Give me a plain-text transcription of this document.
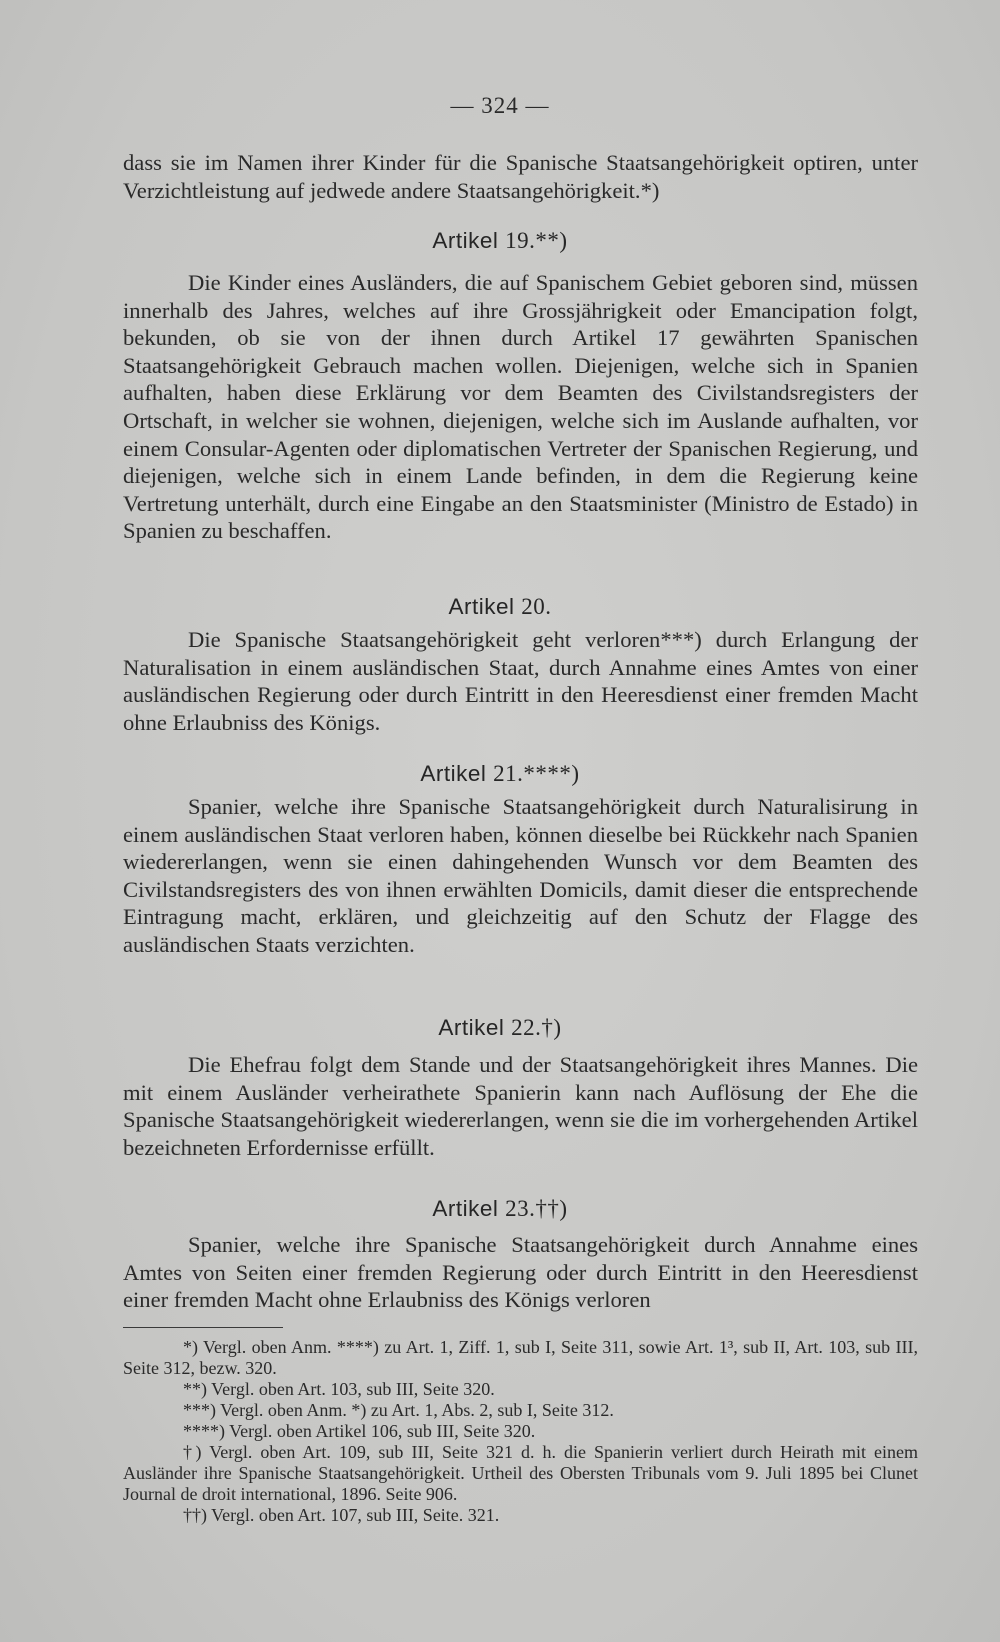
— 324 —

dass sie im Namen ihrer Kinder für die Spanische Staatsangehörigkeit optiren, unter Verzichtleistung auf jedwede andere Staatsangehörigkeit.*)

Artikel 19.**)

Die Kinder eines Ausländers, die auf Spanischem Gebiet geboren sind, müssen innerhalb des Jahres, welches auf ihre Grossjährigkeit oder Emancipation folgt, bekunden, ob sie von der ihnen durch Artikel 17 gewährten Spanischen Staatsangehörigkeit Gebrauch machen wollen. Diejenigen, welche sich in Spanien aufhalten, haben diese Erklärung vor dem Beamten des Civilstandsregisters der Ortschaft, in welcher sie wohnen, diejenigen, welche sich im Auslande aufhalten, vor einem Consular-Agenten oder diplomatischen Vertreter der Spanischen Regierung, und diejenigen, welche sich in einem Lande befinden, in dem die Regierung keine Vertretung unterhält, durch eine Eingabe an den Staatsminister (Ministro de Estado) in Spanien zu beschaffen.

Artikel 20.

Die Spanische Staatsangehörigkeit geht verloren***) durch Erlangung der Naturalisation in einem ausländischen Staat, durch Annahme eines Amtes von einer ausländischen Regierung oder durch Eintritt in den Heeresdienst einer fremden Macht ohne Erlaubniss des Königs.

Artikel 21.****)

Spanier, welche ihre Spanische Staatsangehörigkeit durch Naturalisirung in einem ausländischen Staat verloren haben, können dieselbe bei Rückkehr nach Spanien wiedererlangen, wenn sie einen dahingehenden Wunsch vor dem Beamten des Civilstandsregisters des von ihnen erwählten Domicils, damit dieser die entsprechende Eintragung macht, erklären, und gleichzeitig auf den Schutz der Flagge des ausländischen Staats verzichten.

Artikel 22.†)

Die Ehefrau folgt dem Stande und der Staatsangehörigkeit ihres Mannes. Die mit einem Ausländer verheirathete Spanierin kann nach Auflösung der Ehe die Spanische Staatsangehörigkeit wiedererlangen, wenn sie die im vorhergehenden Artikel bezeichneten Erfordernisse erfüllt.

Artikel 23.††)

Spanier, welche ihre Spanische Staatsangehörigkeit durch Annahme eines Amtes von Seiten einer fremden Regierung oder durch Eintritt in den Heeresdienst einer fremden Macht ohne Erlaubniss des Königs verloren

*) Vergl. oben Anm. ****) zu Art. 1, Ziff. 1, sub I, Seite 311, sowie Art. 1³, sub II, Art. 103, sub III, Seite 312, bezw. 320.

**) Vergl. oben Art. 103, sub III, Seite 320.

***) Vergl. oben Anm. *) zu Art. 1, Abs. 2, sub I, Seite 312.

****) Vergl. oben Artikel 106, sub III, Seite 320.

†) Vergl. oben Art. 109, sub III, Seite 321 d. h. die Spanierin verliert durch Heirath mit einem Ausländer ihre Spanische Staatsangehörigkeit. Urtheil des Obersten Tribunals vom 9. Juli 1895 bei Clunet Journal de droit international, 1896. Seite 906.

††) Vergl. oben Art. 107, sub III, Seite. 321.
